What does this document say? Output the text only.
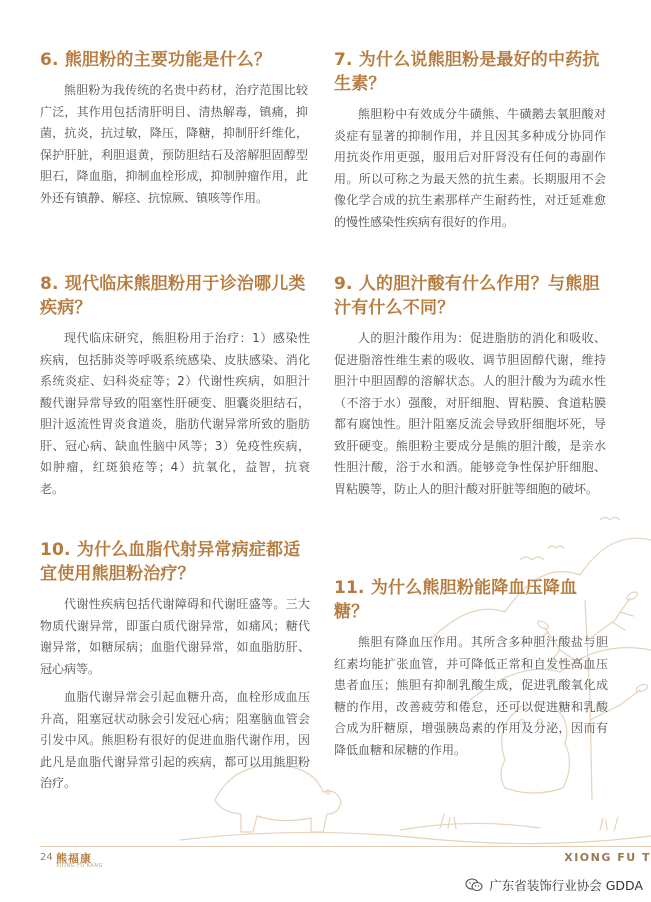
6. 熊胆粉的主要功能是什么？

熊胆粉为我传统的名贵中药材，治疗范围比较广泛，其作用包括清肝明目、清热解毒，镇痛，抑菌，抗炎，抗过敏，降压，降糖，抑制肝纤维化，保护肝脏，利胆退黄，预防胆结石及溶解胆固醇型胆石，降血脂，抑制血栓形成，抑制肿瘤作用，此外还有镇静、解痉、抗惊厥、镇咳等作用。

7. 为什么说熊胆粉是最好的中药抗生素？

熊胆粉中有效成分牛磺熊、牛磺鹅去氧胆酸对炎症有显著的抑制作用，并且因其多种成分协同作用抗炎作用更强，服用后对肝肾没有任何的毒副作用。所以可称之为最天然的抗生素。长期服用不会像化学合成的抗生素那样产生耐药性，对迁延难愈的慢性感染性疾病有很好的作用。

8. 现代临床熊胆粉用于诊治哪儿类疾病？

现代临床研究，熊胆粉用于治疗：1）感染性疾病，包括肺炎等呼吸系统感染、皮肤感染、消化系统炎症、妇科炎症等；2）代谢性疾病，如胆汁酸代谢异常导致的阻塞性肝硬变、胆囊炎胆结石，胆汁返流性胃炎食道炎，脂肪代谢异常所致的脂肪肝、冠心病、缺血性脑中风等；3）免疫性疾病，如肿瘤，红斑狼疮等；4）抗氧化，益智，抗衰老。

9. 人的胆汁酸有什么作用？与熊胆汁有什么不同？

人的胆汁酸作用为：促进脂肪的消化和吸收、促进脂溶性维生素的吸收、调节胆固醇代谢，维持胆汁中胆固醇的溶解状态。人的胆汁酸为为疏水性（不溶于水）强酸，对肝细胞、胃粘膜、食道粘膜都有腐蚀性。胆汁阻塞反流会导致肝细胞坏死，导致肝硬变。熊胆粉主要成分是熊的胆汁酸，是亲水性胆汁酸，浴于水和酒。能够竞争性保护肝细胞、胃粘膜等，防止人的胆汁酸对肝脏等细胞的破坏。

10. 为什么血脂代射异常病症都适宜使用熊胆粉治疗？

代谢性疾病包括代谢障碍和代谢旺盛等。三大物质代谢异常，即蛋白质代谢异常，如痛风；糖代谢异常，如糖尿病；血脂代谢异常，如血脂肪肝、冠心病等。

血脂代谢异常会引起血糖升高，血栓形成血压升高，阻塞冠状动脉会引发冠心病；阻塞脑血管会引发中风。熊胆粉有很好的促进血脂代谢作用，因此凡是血脂代谢异常引起的疾病，都可以用熊胆粉治疗。

11. 为什么熊胆粉能降血压降血糖？

熊胆有降血压作用。其所含多种胆汁酸盐与胆红素均能扩张血管，并可降低正常和自发性高血压患者血压；熊胆有抑制乳酸生成，促进乳酸氧化成糖的作用，改善疲劳和倦怠，还可以促进糖和乳酸合成为肝糖原，增强胰岛素的作用及分泌，因而有降低血糖和尿糖的作用。

24 熊福康
XIONG FU KANG
XIONG FU T
广东省装饰行业协会 GDDA
